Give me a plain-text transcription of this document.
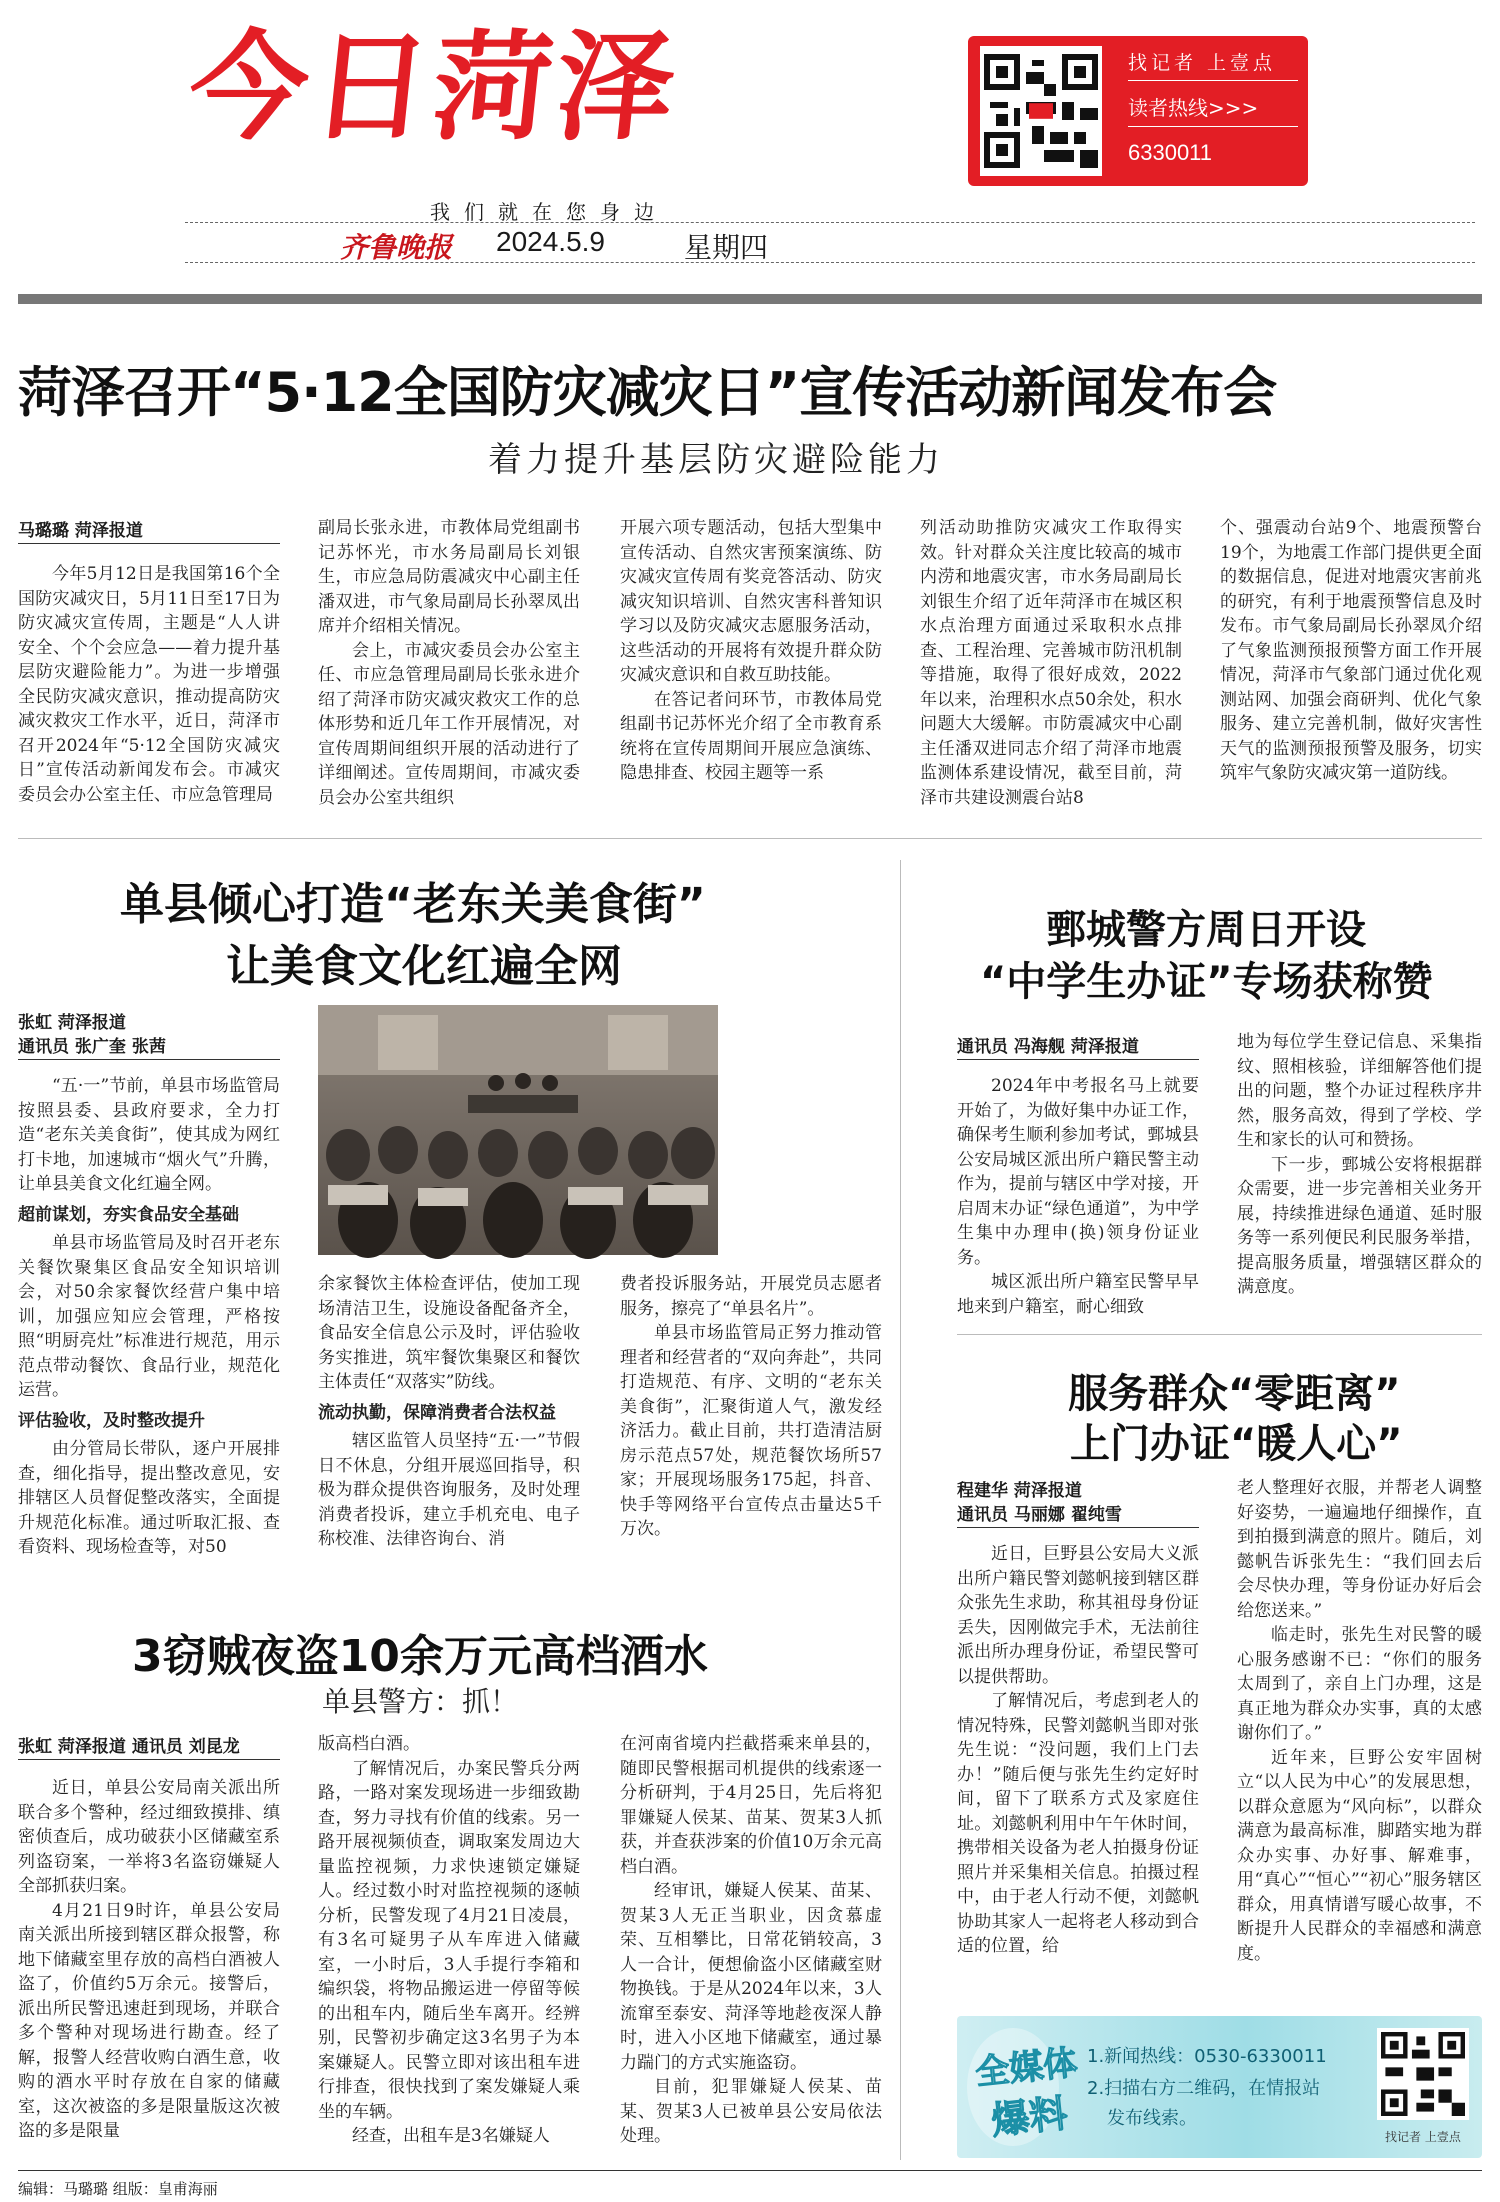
今日菏泽
我们就在您身边
齐鲁晚报 2024.5.9	星期四
找记者 上壹点
读者热线>>>
6330011
菏泽召开“5·12全国防灾减灾日”宣传活动新闻发布会
着力提升基层防灾避险能力
马璐璐 菏泽报道

今年5月12日是我国第16个全国防灾减灾日，5月11日至17日为防灾减灾宣传周，主题是“人人讲安全、个个会应急——着力提升基层防灾避险能力”。为进一步增强全民防灾减灾意识，推动提高防灾减灾救灾工作水平，近日，菏泽市召开2024年“5·12全国防灾减灾日”宣传活动新闻发布会。市减灾委员会办公室主任、市应急管理局

副局长张永进，市教体局党组副书记苏怀光，市水务局副局长刘银生，市应急局防震减灾中心副主任潘双进，市气象局副局长孙翠凤出席并介绍相关情况。

会上，市减灾委员会办公室主任、市应急管理局副局长张永进介绍了菏泽市防灾减灾救灾工作的总体形势和近几年工作开展情况，对宣传周期间组织开展的活动进行了详细阐述。宣传周期间，市减灾委员会办公室共组织

开展六项专题活动，包括大型集中宣传活动、自然灾害预案演练、防灾减灾宣传周有奖竞答活动、防灾减灾知识培训、自然灾害科普知识学习以及防灾减灾志愿服务活动，这些活动的开展将有效提升群众防灾减灾意识和自救互助技能。

在答记者问环节，市教体局党组副书记苏怀光介绍了全市教育系统将在宣传周期间开展应急演练、隐患排查、校园主题等一系

列活动助推防灾减灾工作取得实效。针对群众关注度比较高的城市内涝和地震灾害，市水务局副局长刘银生介绍了近年菏泽市在城区积水点治理方面通过采取积水点排查、工程治理、完善城市防汛机制等措施，取得了很好成效，2022年以来，治理积水点50余处，积水问题大大缓解。市防震减灾中心副主任潘双进同志介绍了菏泽市地震监测体系建设情况，截至目前，菏泽市共建设测震台站8

个、强震动台站9个、地震预警台19个，为地震工作部门提供更全面的数据信息，促进对地震灾害前兆的研究，有利于地震预警信息及时发布。市气象局副局长孙翠凤介绍了气象监测预报预警方面工作开展情况，菏泽市气象部门通过优化观测站网、加强会商研判、优化气象服务、建立完善机制，做好灾害性天气的监测预报预警及服务，切实筑牢气象防灾减灾第一道防线。

单县倾心打造“老东关美食街”
让美食文化红遍全网
张虹 菏泽报道
通讯员 张广奎 张茜

“五·一”节前，单县市场监管局按照县委、县政府要求，全力打造“老东关美食街”，使其成为网红打卡地，加速城市“烟火气”升腾，让单县美食文化红遍全网。

超前谋划，夯实食品安全基础

单县市场监管局及时召开老东关餐饮聚集区食品安全知识培训会，对50余家餐饮经营户集中培训，加强应知应会管理，严格按照“明厨亮灶”标准进行规范，用示范点带动餐饮、食品行业，规范化运营。

评估验收，及时整改提升

由分管局长带队，逐户开展排查，细化指导，提出整改意见，安排辖区人员督促整改落实，全面提升规范化标准。通过听取汇报、查看资料、现场检查等，对50

余家餐饮主体检查评估，使加工现场清洁卫生，设施设备配备齐全，食品安全信息公示及时，评估验收务实推进，筑牢餐饮集聚区和餐饮主体责任“双落实”防线。

流动执勤，保障消费者合法权益

辖区监管人员坚持“五·一”节假日不休息，分组开展巡回指导，积极为群众提供咨询服务，及时处理消费者投诉，建立手机充电、电子称校准、法律咨询台、消

费者投诉服务站，开展党员志愿者服务，擦亮了“单县名片”。

单县市场监管局正努力推动管理者和经营者的“双向奔赴”，共同打造规范、有序、文明的“老东关美食街”，汇聚街道人气，激发经济活力。截止目前，共打造清洁厨房示范点57处，规范餐饮场所57家；开展现场服务175起，抖音、快手等网络平台宣传点击量达5千万次。

3窃贼夜盗10余万元高档酒水
单县警方：抓！
张虹 菏泽报道 通讯员 刘昆龙

近日，单县公安局南关派出所联合多个警种，经过细致摸排、缜密侦查后，成功破获小区储藏室系列盗窃案，一举将3名盗窃嫌疑人全部抓获归案。

4月21日9时许，单县公安局南关派出所接到辖区群众报警，称地下储藏室里存放的高档白酒被人盗了，价值约5万余元。接警后，派出所民警迅速赶到现场，并联合多个警种对现场进行勘查。经了解，报警人经营收购白酒生意，收购的酒水平时存放在自家的储藏室，这次被盗的多是限量版这次被盗的多是限量

版高档白酒。

了解情况后，办案民警兵分两路，一路对案发现场进一步细致勘查，努力寻找有价值的线索。另一路开展视频侦查，调取案发周边大量监控视频，力求快速锁定嫌疑人。经过数小时对监控视频的逐帧分析，民警发现了4月21日凌晨，有3名可疑男子从车库进入储藏室，一小时后，3人手提行李箱和编织袋，将物品搬运进一停留等候的出租车内，随后坐车离开。经辨别，民警初步确定这3名男子为本案嫌疑人。民警立即对该出租车进行排查，很快找到了案发嫌疑人乘坐的车辆。

经查，出租车是3名嫌疑人

在河南省境内拦截搭乘来单县的，随即民警根据司机提供的线索逐一分析研判，于4月25日，先后将犯罪嫌疑人侯某、苗某、贺某3人抓获，并查获涉案的价值10万余元高档白酒。

经审讯，嫌疑人侯某、苗某、贺某3人无正当职业，因贪慕虚荣、互相攀比，日常花销较高，3人一合计，便想偷盗小区储藏室财物换钱。于是从2024年以来，3人流窜至泰安、菏泽等地趁夜深人静时，进入小区地下储藏室，通过暴力踹门的方式实施盗窃。

目前，犯罪嫌疑人侯某、苗某、贺某3人已被单县公安局依法处理。

鄄城警方周日开设
“中学生办证”专场获称赞
通讯员 冯海舰 菏泽报道

2024年中考报名马上就要开始了，为做好集中办证工作，确保考生顺利参加考试，鄄城县公安局城区派出所户籍民警主动作为，提前与辖区中学对接，开启周末办证“绿色通道”，为中学生集中办理申(换)领身份证业务。

城区派出所户籍室民警早早地来到户籍室，耐心细致

地为每位学生登记信息、采集指纹、照相核验，详细解答他们提出的问题，整个办证过程秩序井然，服务高效，得到了学校、学生和家长的认可和赞扬。

下一步，鄄城公安将根据群众需要，进一步完善相关业务开展，持续推进绿色通道、延时服务等一系列便民利民服务举措，提高服务质量，增强辖区群众的满意度。

服务群众“零距离”
上门办证“暖人心”
程建华 菏泽报道
通讯员 马丽娜 翟纯雪

近日，巨野县公安局大义派出所户籍民警刘懿帆接到辖区群众张先生求助，称其祖母身份证丢失，因刚做完手术，无法前往派出所办理身份证，希望民警可以提供帮助。

了解情况后，考虑到老人的情况特殊，民警刘懿帆当即对张先生说：“没问题，我们上门去办！”随后便与张先生约定好时间，留下了联系方式及家庭住址。刘懿帆利用中午午休时间，携带相关设备为老人拍摄身份证照片并采集相关信息。拍摄过程中，由于老人行动不便，刘懿帆协助其家人一起将老人移动到合适的位置，给

老人整理好衣服，并帮老人调整好姿势，一遍遍地仔细操作，直到拍摄到满意的照片。随后，刘懿帆告诉张先生：“我们回去后会尽快办理，等身份证办好后会给您送来。”

临走时，张先生对民警的暖心服务感谢不已：“你们的服务太周到了，亲自上门办理，这是真正地为群众办实事，真的太感谢你们了。”

近年来，巨野公安牢固树立“以人民为中心”的发展思想，以群众意愿为“风向标”，以群众满意为最高标准，脚踏实地为群众办实事、办好事、解难事，用“真心”“恒心”“初心”服务辖区群众，用真情谱写暖心故事，不断提升人民群众的幸福感和满意度。

全媒体
爆料
1.新闻热线：0530-6330011
2.扫描右方二维码，在情报站
发布线索。
找记者 上壹点
编辑：马璐璐 组版：皇甫海丽
